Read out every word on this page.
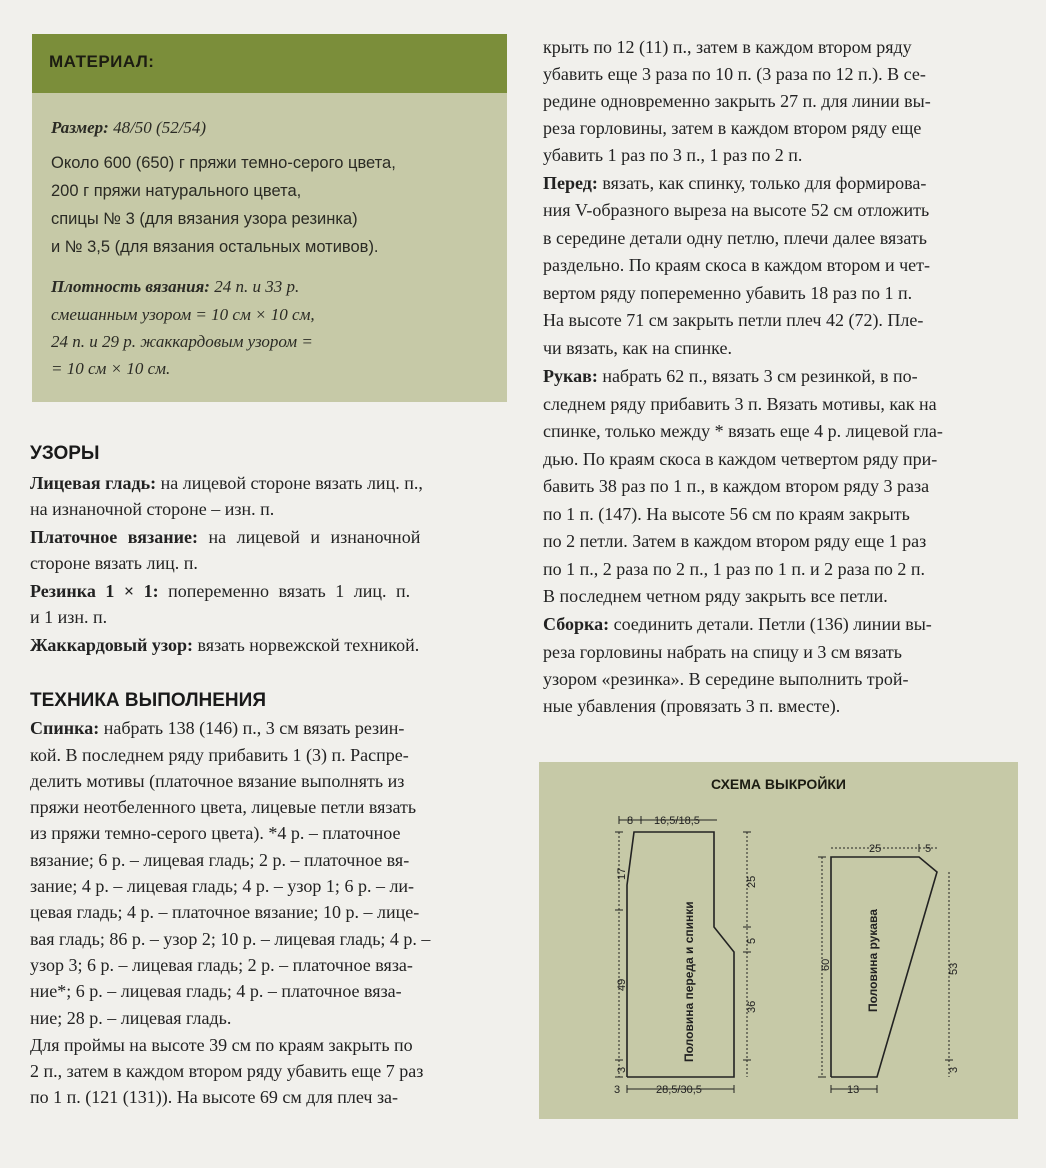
МАТЕРИАЛ:
Размер: 48/50 (52/54)
Около 600 (650) г пряжи темно-серого цвета,
200 г пряжи натурального цвета,
спицы № 3 (для вязания узора резинка)
и № 3,5 (для вязания остальных мотивов).
Плотность вязания: 24 п. и 33 р.
смешанным узором = 10 см × 10 см,
24 п. и 29 р. жаккардовым узором =
= 10 см × 10 см.
УЗОРЫ
Лицевая гладь: на лицевой стороне вязать лиц. п.,
на изнаночной стороне – изн. п.
Платочное вязание: на лицевой и изнаночной
стороне вязать лиц. п.
Резинка 1 × 1: попеременно вязать 1 лиц. п.
и 1 изн. п.
Жаккардовый узор: вязать норвежской техникой.
ТЕХНИКА ВЫПОЛНЕНИЯ
Спинка: набрать 138 (146) п., 3 см вязать резин-
кой. В последнем ряду прибавить 1 (3) п. Распре-
делить мотивы (платочное вязание выполнять из
пряжи неотбеленного цвета, лицевые петли вязать
из пряжи темно-серого цвета). *4 р. – платочное
вязание; 6 р. – лицевая гладь; 2 р. – платочное вя-
зание; 4 р. – лицевая гладь; 4 р. – узор 1; 6 р. – ли-
цевая гладь; 4 р. – платочное вязание; 10 р. – лице-
вая гладь; 86 р. – узор 2; 10 р. – лицевая гладь; 4 р. –
узор 3; 6 р. – лицевая гладь; 2 р. – платочное вяза-
ние*; 6 р. – лицевая гладь; 4 р. – платочное вяза-
ние; 28 р. – лицевая гладь.
Для проймы на высоте 39 см по краям закрыть по
2 п., затем в каждом втором ряду убавить еще 7 раз
по 1 п. (121 (131)). На высоте 69 см для плеч за-
крыть по 12 (11) п., затем в каждом втором ряду
убавить еще 3 раза по 10 п. (3 раза по 12 п.). В се-
редине одновременно закрыть 27 п. для линии вы-
реза горловины, затем в каждом втором ряду еще
убавить 1 раз по 3 п., 1 раз по 2 п.
Перед: вязать, как спинку, только для формирова-
ния V-образного выреза на высоте 52 см отложить
в середине детали одну петлю, плечи далее вязать
раздельно. По краям скоса в каждом втором и чет-
вертом ряду попеременно убавить 18 раз по 1 п.
На высоте 71 см закрыть петли плеч 42 (72). Пле-
чи вязать, как на спинке.
Рукав: набрать 62 п., вязать 3 см резинкой, в по-
следнем ряду прибавить 3 п. Вязать мотивы, как на
спинке, только между * вязать еще 4 р. лицевой гла-
дью. По краям скоса в каждом четвертом ряду при-
бавить 38 раз по 1 п., в каждом втором ряду 3 раза
по 1 п. (147). На высоте 56 см по краям закрыть
по 2 петли. Затем в каждом втором ряду еще 1 раз
по 1 п., 2 раза по 2 п., 1 раз по 1 п. и 2 раза по 2 п.
В последнем четном ряду закрыть все петли.
Сборка: соединить детали. Петли (136) линии вы-
реза горловины набрать на спицу и 3 см вязать
узором «резинка». В середине выполнить трой-
ные убавления (провязать 3 п. вместе).
СХЕМА ВЫКРОЙКИ
Половина переда и спинки
17
49
3
8 16,5/18,5
25
5
36
3	28,5/30,5
Половина рукава
25	5
60	53
3
13
